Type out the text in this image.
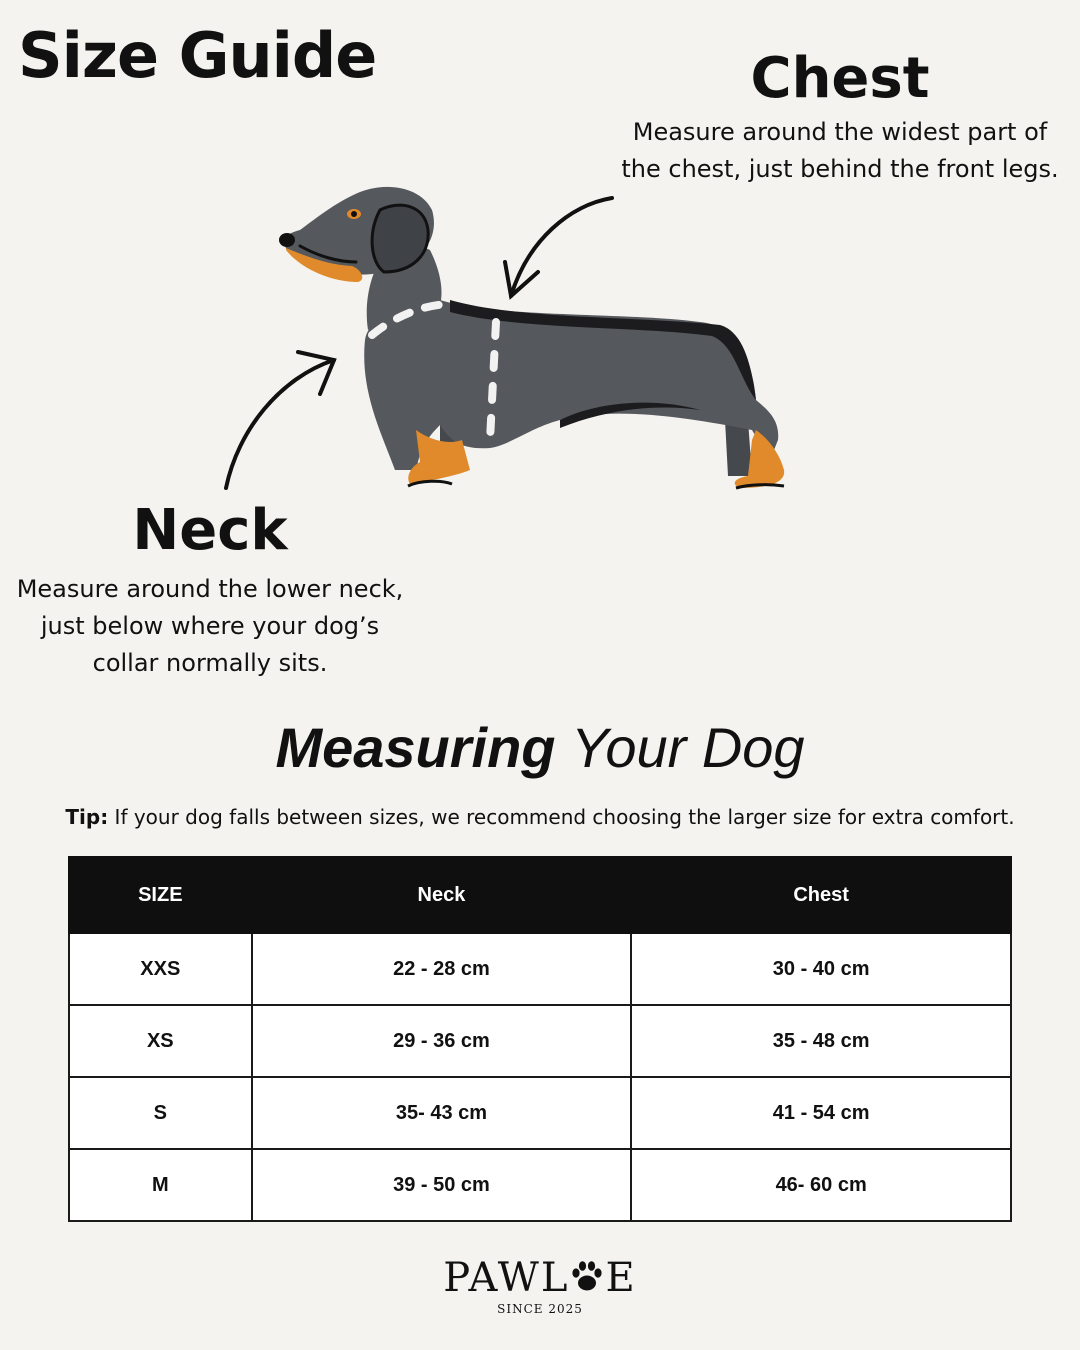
Size Guide	Chest
Measure around the widest part of
the chest, just behind the front legs.
Neck
Measure around the lower neck,
just below where your dog’s
collar normally sits.
Measuring Your Dog
Tip: If your dog falls between sizes, we recommend choosing the larger size for extra comfort.
SIZE	Neck	Chest
XXS	22 - 28 cm	30 - 40 cm
XS	29 - 36 cm	35 - 48 cm
S	35- 43 cm	41 - 54 cm
M	39 - 50 cm	46- 60 cm
PAWL E
SINCE 2025
